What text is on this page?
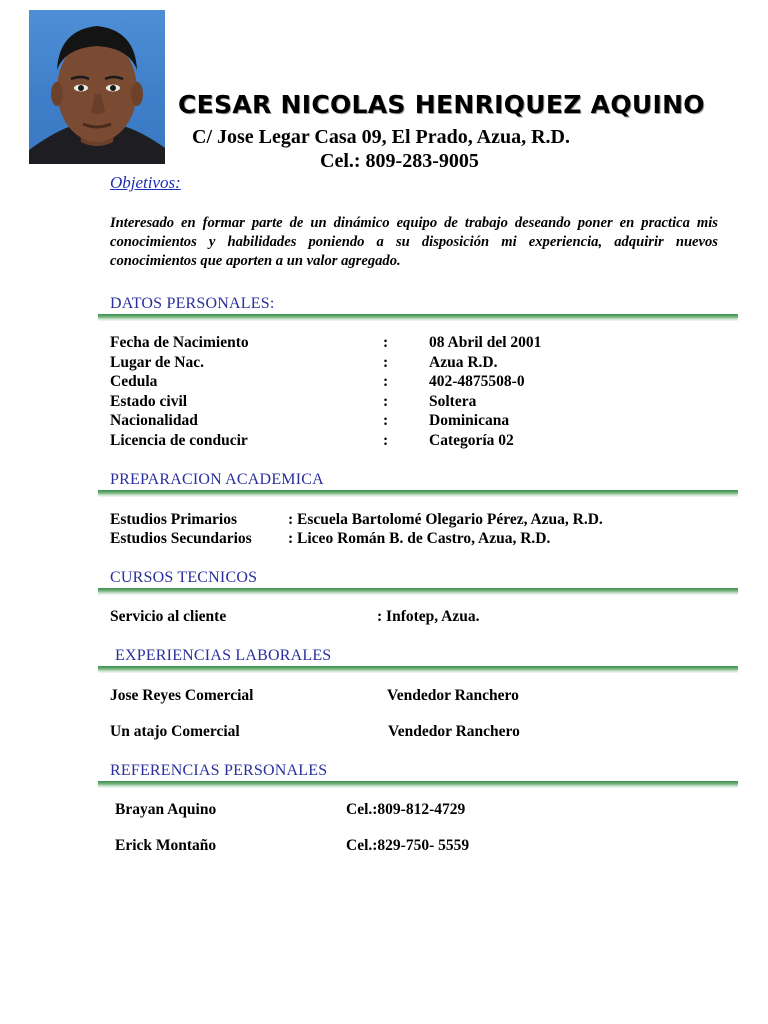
CESAR NICOLAS HENRIQUEZ AQUINO
C/ Jose Legar Casa 09, El Prado, Azua, R.D.
Cel.: 809-283-9005
Objetivos:
Interesado en formar parte de un dinámico equipo de trabajo deseando poner en practica mis conocimientos y habilidades poniendo a su disposición mi experiencia, adquirir nuevos conocimientos que aporten a un valor agregado.
DATOS PERSONALES:
Fecha de Nacimiento	:	08 Abril del 2001
Lugar de Nac.	:	Azua R.D.
Cedula	:	402-4875508-0
Estado civil	:	Soltera
Nacionalidad	:	Dominicana
Licencia de conducir	:	Categoría 02
PREPARACION ACADEMICA
Estudios Primarios	: Escuela Bartolomé Olegario Pérez, Azua, R.D.
Estudios Secundarios : Liceo Román B. de Castro, Azua, R.D.
CURSOS TECNICOS
Servicio al cliente	: Infotep, Azua.
EXPERIENCIAS LABORALES
Jose Reyes Comercial	Vendedor Ranchero
Un atajo Comercial	Vendedor Ranchero
REFERENCIAS PERSONALES
Brayan Aquino	Cel.:809-812-4729
Erick Montaño	Cel.:829-750- 5559
